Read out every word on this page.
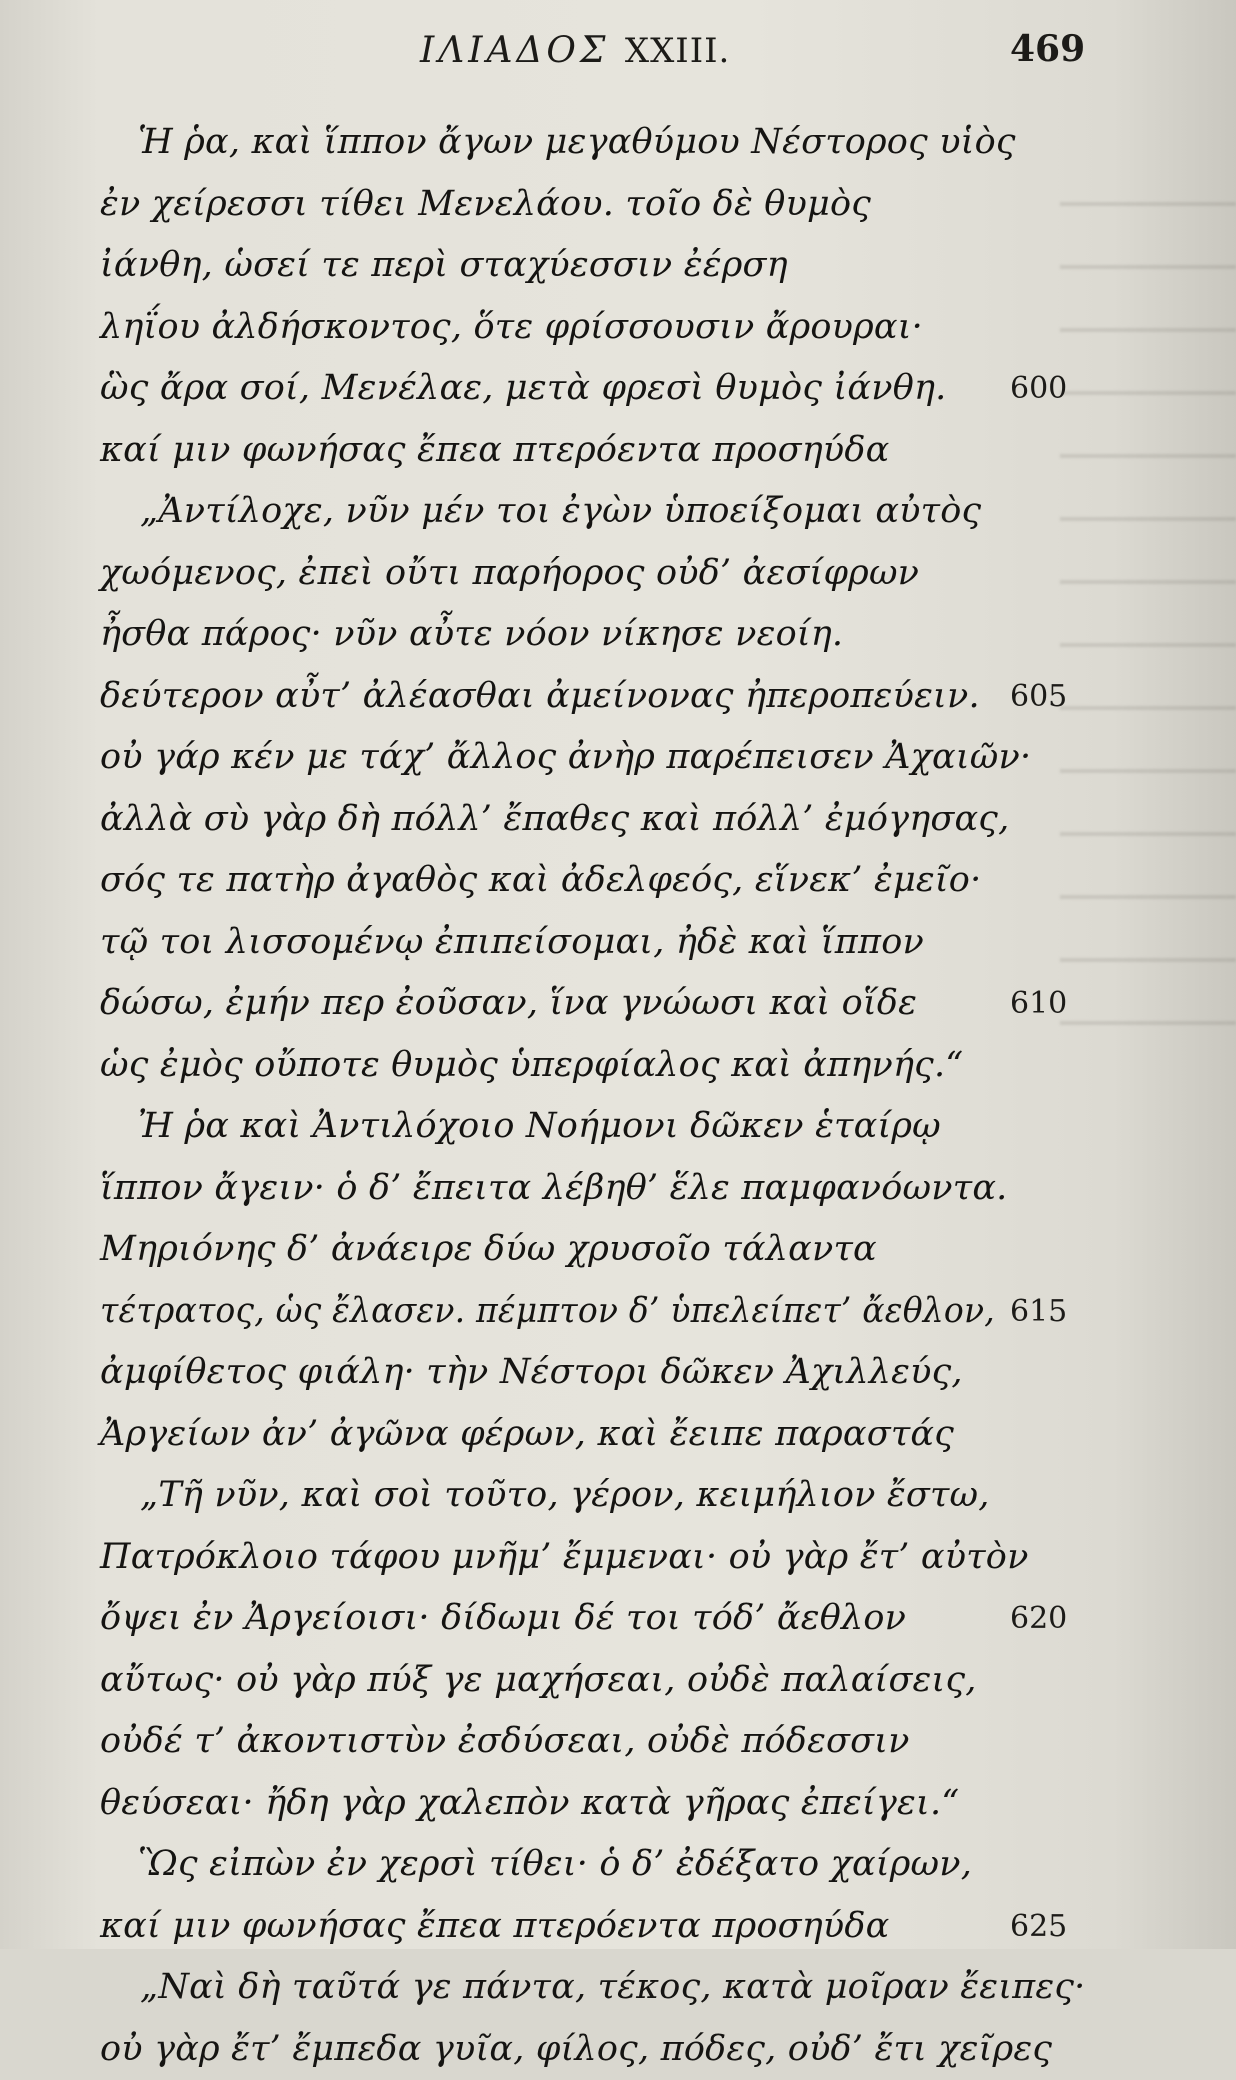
ΙΛΙΑΔΟΣ XXIII.	469
Ἡ ῥα, καὶ ἵππον ἄγων μεγαθύμου Νέστορος υἱὸς
ἐν χείρεσσι τίθει Μενελάου. τοῖο δὲ θυμὸς
ἰάνθη, ὡσεί τε περὶ σταχύεσσιν ἐέρση
ληΐου ἀλδήσκοντος, ὅτε φρίσσουσιν ἄρουραι·
ὣς ἄρα σοί, Μενέλαε, μετὰ φρεσὶ θυμὸς ἰάνθη. 600
καί μιν φωνήσας ἔπεα πτερόεντα προσηύδα
„Ἀντίλοχε, νῦν μέν τοι ἐγὼν ὑποείξομαι αὐτὸς
χωόμενος, ἐπεὶ οὔτι παρήορος οὐδ’ ἀεσίφρων
ἦσθα πάρος· νῦν αὖτε νόον νίκησε νεοίη.
δεύτερον αὖτ’ ἀλέασθαι ἀμείνονας ἠπεροπεύειν. 605
οὐ γάρ κέν με τάχ’ ἄλλος ἀνὴρ παρέπεισεν Ἀχαιῶν·
ἀλλὰ σὺ γὰρ δὴ πόλλ’ ἔπαθες καὶ πόλλ’ ἐμόγησας,
σός τε πατὴρ ἀγαθὸς καὶ ἀδελφεός, εἵνεκ’ ἐμεῖο·
τῷ τοι λισσομένῳ ἐπιπείσομαι, ἠδὲ καὶ ἵππον
δώσω, ἐμήν περ ἐοῦσαν, ἵνα γνώωσι καὶ οἵδε	610
ὡς ἐμὸς οὔποτε θυμὸς ὑπερφίαλος καὶ ἀπηνής.“
Ἠ ῥα καὶ Ἀντιλόχοιο Νοήμονι δῶκεν ἑταίρῳ
ἵππον ἄγειν· ὁ δ’ ἔπειτα λέβηθ’ ἕλε παμφανόωντα.
Μηριόνης δ’ ἀνάειρε δύω χρυσοῖο τάλαντα
τέτρατος, ὡς ἔλασεν. πέμπτον δ’ ὑπελείπετ’ ἄεθλον, 615
ἀμφίθετος φιάλη· τὴν Νέστορι δῶκεν Ἀχιλλεύς,
Ἀργείων ἀν’ ἀγῶνα φέρων, καὶ ἔειπε παραστάς
„Τῆ νῦν, καὶ σοὶ τοῦτο, γέρον, κειμήλιον ἔστω,
Πατρόκλοιο τάφου μνῆμ’ ἔμμεναι· οὐ γὰρ ἔτ’ αὐτὸν
ὄψει ἐν Ἀργείοισι· δίδωμι δέ τοι τόδ’ ἄεθλον	620
αὔτως· οὐ γὰρ πύξ γε μαχήσεαι, οὐδὲ παλαίσεις,
οὐδέ τ’ ἀκοντιστὺν ἐσδύσεαι, οὐδὲ πόδεσσιν
θεύσεαι· ἤδη γὰρ χαλεπὸν κατὰ γῆρας ἐπείγει.“
Ὣς εἰπὼν ἐν χερσὶ τίθει· ὁ δ’ ἐδέξατο χαίρων,
καί μιν φωνήσας ἔπεα πτερόεντα προσηύδα	625
„Ναὶ δὴ ταῦτά γε πάντα, τέκος, κατὰ μοῖραν ἔειπες·
οὐ γὰρ ἔτ’ ἔμπεδα γυῖα, φίλος, πόδες, οὐδ’ ἔτι χεῖρες
